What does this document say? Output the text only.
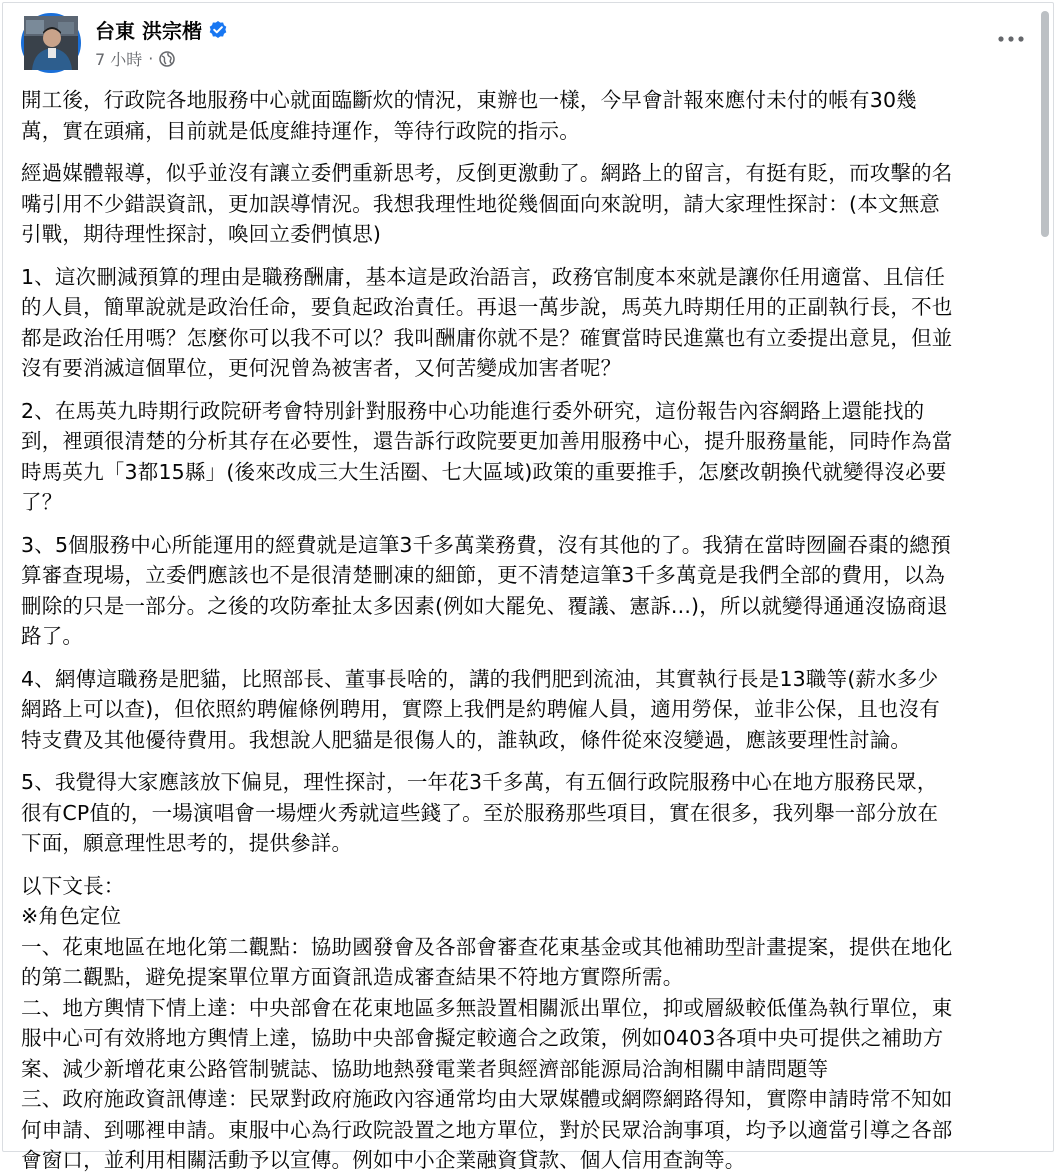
台東 洪宗楷
7 小時 ·

開工後，行政院各地服務中心就面臨斷炊的情況，東辦也一樣，今早會計報來應付未付的帳有30幾
萬，實在頭痛，目前就是低度維持運作，等待行政院的指示。

經過媒體報導，似乎並沒有讓立委們重新思考，反倒更激動了。網路上的留言，有挺有貶，而攻擊的名
嘴引用不少錯誤資訊，更加誤導情況。我想我理性地從幾個面向來說明，請大家理性探討：(本文無意
引戰，期待理性探討，喚回立委們慎思)

1、這次刪減預算的理由是職務酬庸，基本這是政治語言，政務官制度本來就是讓你任用適當、且信任
的人員，簡單說就是政治任命，要負起政治責任。再退一萬步說，馬英九時期任用的正副執行長，不也
都是政治任用嗎？怎麼你可以我不可以？我叫酬庸你就不是？確實當時民進黨也有立委提出意見，但並
沒有要消滅這個單位，更何況曾為被害者，又何苦變成加害者呢？

2、在馬英九時期行政院研考會特別針對服務中心功能進行委外研究，這份報告內容網路上還能找的
到，裡頭很清楚的分析其存在必要性，還告訴行政院要更加善用服務中心，提升服務量能，同時作為當
時馬英九「3都15縣」(後來改成三大生活圈、七大區域)政策的重要推手，怎麼改朝換代就變得沒必要
了？

3、5個服務中心所能運用的經費就是這筆3千多萬業務費，沒有其他的了。我猜在當時囫圇吞棗的總預
算審查現場，立委們應該也不是很清楚刪凍的細節，更不清楚這筆3千多萬竟是我們全部的費用，以為
刪除的只是一部分。之後的攻防牽扯太多因素(例如大罷免、覆議、憲訴...)，所以就變得通通沒協商退
路了。

4、網傳這職務是肥貓，比照部長、董事長啥的，講的我們肥到流油，其實執行長是13職等(薪水多少
網路上可以查)，但依照約聘僱條例聘用，實際上我們是約聘僱人員，適用勞保，並非公保，且也沒有
特支費及其他優待費用。我想說人肥貓是很傷人的，誰執政，條件從來沒變過，應該要理性討論。

5、我覺得大家應該放下偏見，理性探討，一年花3千多萬，有五個行政院服務中心在地方服務民眾，
很有CP值的，一場演唱會一場煙火秀就這些錢了。至於服務那些項目，實在很多，我列舉一部分放在
下面，願意理性思考的，提供參詳。

以下文長：
※角色定位
一、花東地區在地化第二觀點：協助國發會及各部會審查花東基金或其他補助型計畫提案，提供在地化
的第二觀點，避免提案單位單方面資訊造成審查結果不符地方實際所需。
二、地方輿情下情上達：中央部會在花東地區多無設置相關派出單位，抑或層級較低僅為執行單位，東
服中心可有效將地方輿情上達，協助中央部會擬定較適合之政策，例如0403各項中央可提供之補助方
案、減少新增花東公路管制號誌、協助地熱發電業者與經濟部能源局洽詢相關申請問題等
三、政府施政資訊傳達：民眾對政府施政內容通常均由大眾媒體或網際網路得知，實際申請時常不知如
何申請、到哪裡申請。東服中心為行政院設置之地方單位，對於民眾洽詢事項，均予以適當引導之各部
會窗口，並利用相關活動予以宣傳。例如中小企業融資貸款、個人信用查詢等。
